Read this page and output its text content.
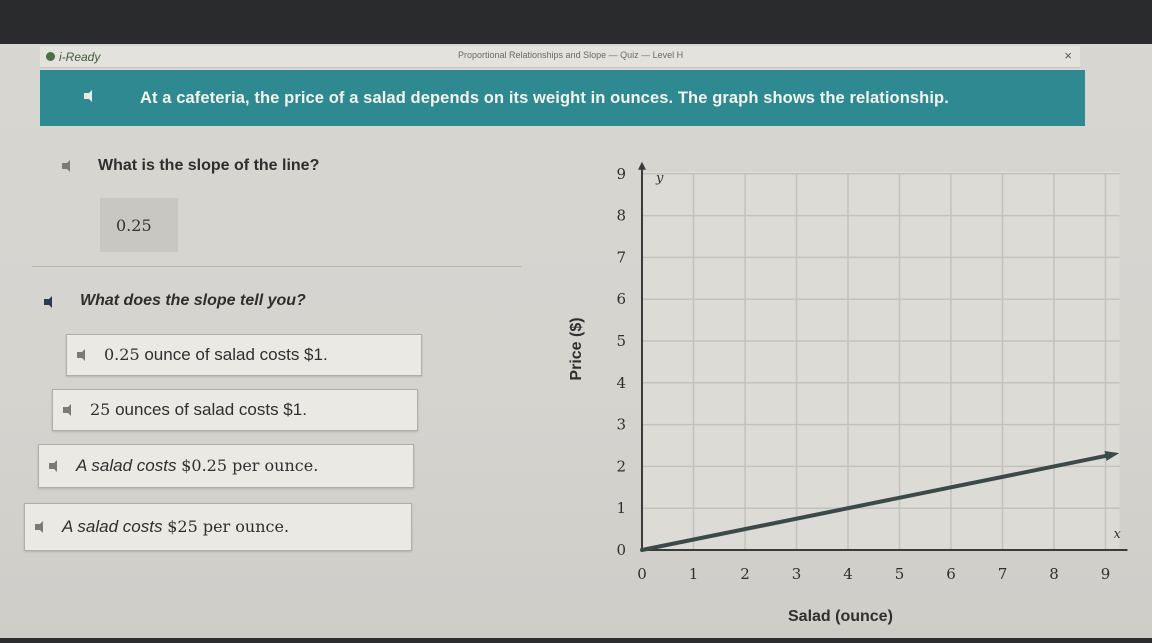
i-Ready	Proportional Relationships and Slope — Quiz — Level H	×
At a cafeteria, the price of a salad depends on its weight in ounces. The graph shows the relationship.
What is the slope of the line?
0.25
What does the slope tell you?
0.25 ounce of salad costs $1.
25 ounces of salad costs $1.
A salad costs $0.25 per ounce.
A salad costs $25 per ounce.
0	1	2	3	4	5	6	7	8	9
0
1
2
3
4
5
6
7
8
9 y
x
Salad (ounce)
Price ($)
